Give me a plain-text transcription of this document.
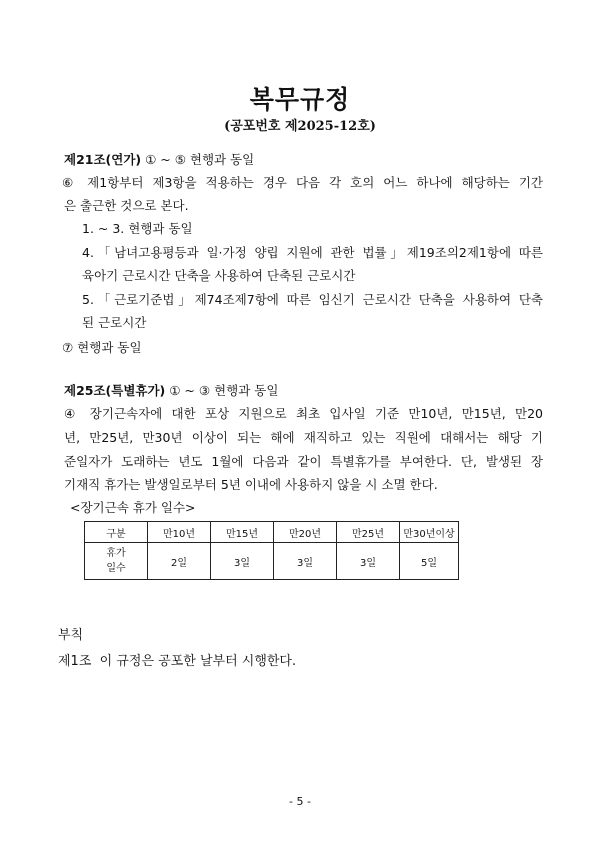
복무규정
(공포번호 제2025-12호)
제21조(연가) ① ~ ⑤ 현행과 동일
⑥ 제1항부터 제3항을 적용하는 경우 다음 각 호의 어느 하나에 해당하는 기간
은 출근한 것으로 본다.
1. ~ 3. 현행과 동일
4.「남녀고용평등과 일·가정 양립 지원에 관한 법률」제19조의2제1항에 따른
육아기 근로시간 단축을 사용하여 단축된 근로시간
5.「근로기준법」제74조제7항에 따른 임신기 근로시간 단축을 사용하여 단축
된 근로시간
⑦ 현행과 동일
제25조(특별휴가) ① ~ ③ 현행과 동일
④ 장기근속자에 대한 포상 지원으로 최초 입사일 기준 만10년, 만15년, 만20
년, 만25년, 만30년 이상이 되는 해에 재직하고 있는 직원에 대해서는 해당 기
준일자가 도래하는 년도 1월에 다음과 같이 특별휴가를 부여한다. 단, 발생된 장
기재직 휴가는 발생일로부터 5년 이내에 사용하지 않을 시 소멸 한다.
<장기근속 휴가 일수>
구분	만10년	만15년	만20년	만25년	만30년이상

휴가
일수	2일	3일	3일	3일	5일
부칙
제1조  이 규정은 공포한 날부터 시행한다.
- 5 -
